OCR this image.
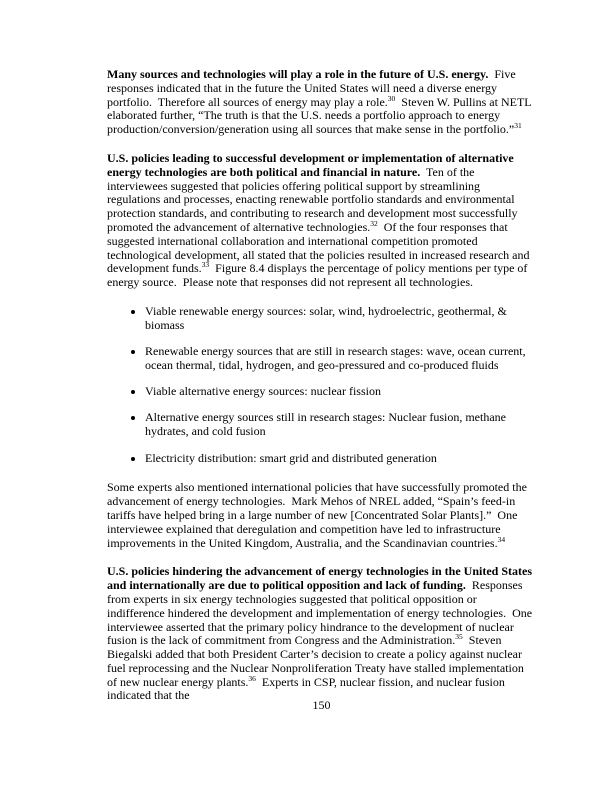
Many sources and technologies will play a role in the future of U.S. energy.  Five responses indicated that in the future the United States will need a diverse energy portfolio.  Therefore all sources of energy may play a role.$^{30}$  Steven W. Pullins at NETL elaborated further, “The truth is that the U.S. needs a portfolio approach to energy production/conversion/generation using all sources that make sense in the portfolio.”$^{31}$

U.S. policies leading to successful development or implementation of alternative energy technologies are both political and financial in nature.  Ten of the interviewees suggested that policies offering political support by streamlining regulations and processes, enacting renewable portfolio standards and environmental protection standards, and contributing to research and development most successfully promoted the advancement of alternative technologies.$^{32}$  Of the four responses that suggested international collaboration and international competition promoted technological development, all stated that the policies resulted in increased research and development funds.$^{33}$  Figure 8.4 displays the percentage of policy mentions per type of energy source.  Please note that responses did not represent all technologies.

• Viable renewable energy sources: solar, wind, hydroelectric, geothermal, & biomass
• Renewable energy sources that are still in research stages: wave, ocean current, ocean thermal, tidal, hydrogen, and geo-pressured and co-produced fluids
• Viable alternative energy sources: nuclear fission
• Alternative energy sources still in research stages: Nuclear fusion, methane hydrates, and cold fusion
• Electricity distribution: smart grid and distributed generation

Some experts also mentioned international policies that have successfully promoted the advancement of energy technologies.  Mark Mehos of NREL added, “Spain’s feed-in tariffs have helped bring in a large number of new [Concentrated Solar Plants].”  One interviewee explained that deregulation and competition have led to infrastructure improvements in the United Kingdom, Australia, and the Scandinavian countries.$^{34}$

U.S. policies hindering the advancement of energy technologies in the United States and internationally are due to political opposition and lack of funding.  Responses from experts in six energy technologies suggested that political opposition or indifference hindered the development and implementation of energy technologies.  One interviewee asserted that the primary policy hindrance to the development of nuclear fusion is the lack of commitment from Congress and the Administration.$^{35}$  Steven Biegalski added that both President Carter’s decision to create a policy against nuclear fuel reprocessing and the Nuclear Nonproliferation Treaty have stalled implementation of new nuclear energy plants.$^{36}$  Experts in CSP, nuclear fission, and nuclear fusion indicated that the

150
